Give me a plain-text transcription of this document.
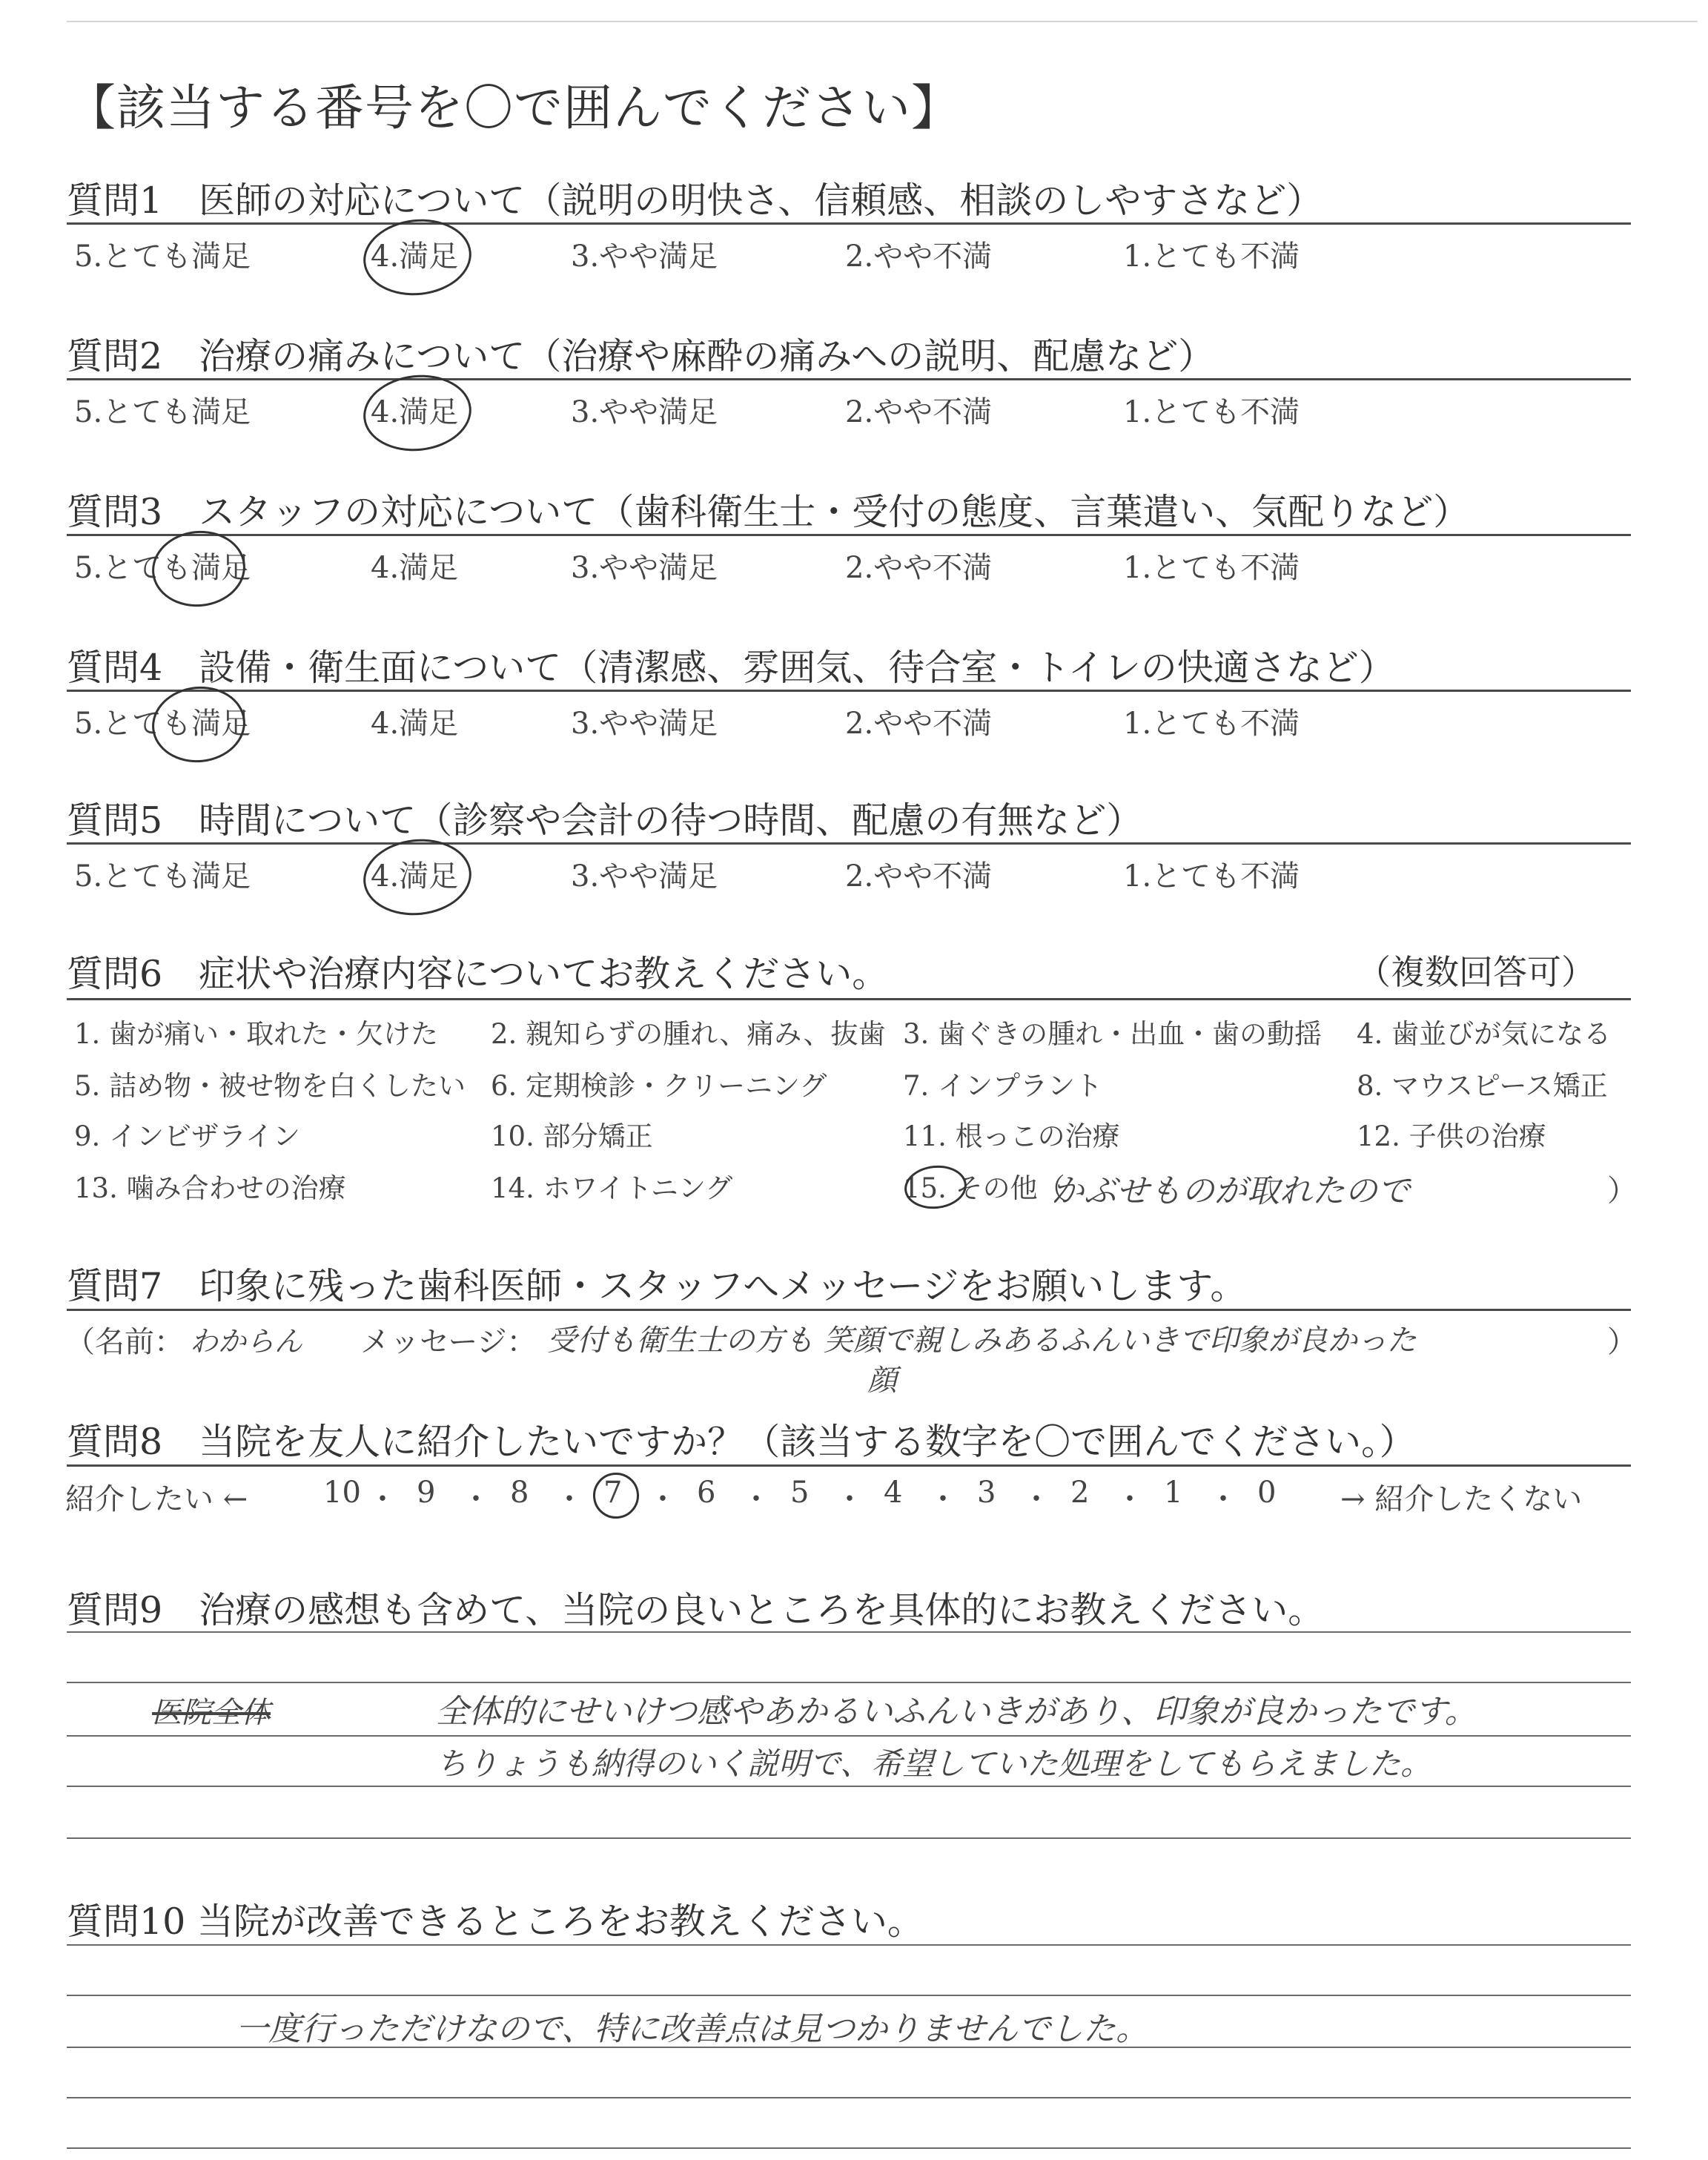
【該当する番号を〇で囲んでください】
質問1　医師の対応について（説明の明快さ、信頼感、相談のしやすさなど）
5.とても満足	4.満足	3.やや満足	2.やや不満	1.とても不満
質問2　治療の痛みについて（治療や麻酔の痛みへの説明、配慮など）
5.とても満足	4.満足	3.やや満足	2.やや不満	1.とても不満
質問3　スタッフの対応について（歯科衛生士・受付の態度、言葉遣い、気配りなど）
5.とても満足	4.満足	3.やや満足	2.やや不満	1.とても不満
質問4　設備・衛生面について（清潔感、雰囲気、待合室・トイレの快適さなど）
5.とても満足	4.満足	3.やや満足	2.やや不満	1.とても不満
質問5　時間について（診察や会計の待つ時間、配慮の有無など）
5.とても満足	4.満足	3.やや満足	2.やや不満	1.とても不満
質問6　症状や治療内容についてお教えください。	（複数回答可）
1. 歯が痛い・取れた・欠けた 2. 親知らずの腫れ、痛み、抜歯 3. 歯ぐきの腫れ・出血・歯の動揺 4. 歯並びが気になる
5. 詰め物・被せ物を白くしたい 6. 定期検診・クリーニング	7. インプラント	8. マウスピース矯正
9. インビザライン	10. 部分矯正	11. 根っこの治療	12. 子供の治療
13. 噛み合わせの治療	14. ホワイトニング	15. その他（
かぶせものが取れたので	）
質問7　印象に残った歯科医師・スタッフへメッセージをお願いします。
（名前： わからん メッセージ： 受付も衛生士の方も 笑顔で親しみあるふんいきで印象が良かった
顔
）
質問8　当院を友人に紹介したいですか？（該当する数字を〇で囲んでください。）
紹介したい ←	10 ・ 9 ・ 8 ・ 7 ・ 6 ・ 5 ・ 4 ・ 3 ・ 2 ・ 1 ・ 0 → 紹介したくない
質問9　治療の感想も含めて、当院の良いところを具体的にお教えください。
医院全体	全体的にせいけつ感やあかるいふんいきがあり、印象が良かったです。
ちりょうも納得のいく説明で、希望していた処理をしてもらえました。
質問10 当院が改善できるところをお教えください。
一度行っただけなので、特に改善点は見つかりませんでした。
